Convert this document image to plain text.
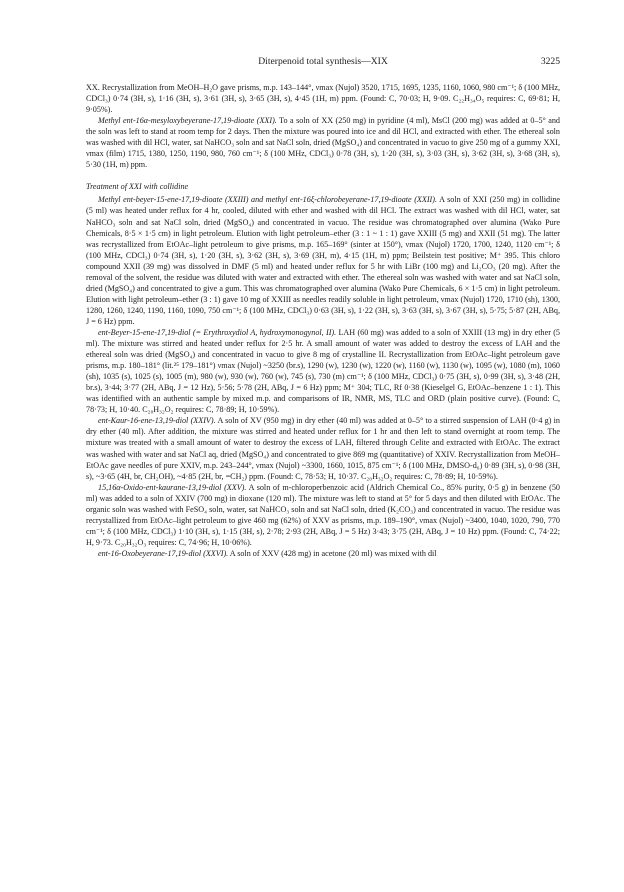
Diterpenoid total synthesis—XIX	3225

XX. Recrystallization from MeOH–H₂O gave prisms, m.p. 143–144°, νmax (Nujol) 3520, 1715, 1695, 1235, 1160, 1060, 980 cm⁻¹; δ (100 MHz, CDCl₃) 0·74 (3H, s), 1·16 (3H, s), 3·61 (3H, s), 3·65 (3H, s), 4·45 (1H, m) ppm. (Found: C, 70·03; H, 9·09. C₂₂H₃₄O₅ requires: C, 69·81; H, 9·05%).

Methyl ent-16α-mesyloxybeyerane-17,19-dioate (XXI). To a soln of XX (250 mg) in pyridine (4 ml), MsCl (200 mg) was added at 0–5° and the soln was left to stand at room temp for 2 days. Then the mixture was poured into ice and dil HCl, and extracted with ether. The ethereal soln was washed with dil HCl, water, sat NaHCO₃ soln and sat NaCl soln, dried (MgSO₄) and concentrated in vacuo to give 250 mg of a gummy XXI, νmax (film) 1715, 1380, 1250, 1190, 980, 760 cm⁻¹; δ (100 MHz, CDCl₃) 0·78 (3H, s), 1·20 (3H, s), 3·03 (3H, s), 3·62 (3H, s), 3·68 (3H, s), 5·30 (1H, m) ppm.

Treatment of XXI with collidine

Methyl ent-beyer-15-ene-17,19-dioate (XXIII) and methyl ent-16ξ-chlorobeyerane-17,19-dioate (XXII). A soln of XXI (250 mg) in collidine (5 ml) was heated under reflux for 4 hr, cooled, diluted with ether and washed with dil HCl. The extract was washed with dil HCl, water, sat NaHCO₃ soln and sat NaCl soln, dried (MgSO₄) and concentrated in vacuo. The residue was chromatographed over alumina (Wako Pure Chemicals, 8·5 × 1·5 cm) in light petroleum. Elution with light petroleum–ether (3 : 1 ~ 1 : 1) gave XXIII (5 mg) and XXII (51 mg). The latter was recrystallized from EtOAc–light petroleum to give prisms, m.p. 165–169° (sinter at 150°), νmax (Nujol) 1720, 1700, 1240, 1120 cm⁻¹; δ (100 MHz, CDCl₃) 0·74 (3H, s), 1·20 (3H, s), 3·62 (3H, s), 3·69 (3H, m), 4·15 (1H, m) ppm; Beilstein test positive; M⁺ 395. This chloro compound XXII (39 mg) was dissolved in DMF (5 ml) and heated under reflux for 5 hr with LiBr (100 mg) and Li₂CO₃ (20 mg). After the removal of the solvent, the residue was diluted with water and extracted with ether. The ethereal soln was washed with water and sat NaCl soln, dried (MgSO₄) and concentrated to give a gum. This was chromatographed over alumina (Wako Pure Chemicals, 6 × 1·5 cm) in light petroleum. Elution with light petroleum–ether (3 : 1) gave 10 mg of XXIII as needles readily soluble in light petroleum, νmax (Nujol) 1720, 1710 (sh), 1300, 1280, 1260, 1240, 1190, 1160, 1090, 750 cm⁻¹; δ (100 MHz, CDCl₃) 0·63 (3H, s), 1·22 (3H, s), 3·63 (3H, s), 3·67 (3H, s), 5·75; 5·87 (2H, ABq, J = 6 Hz) ppm.

ent-Beyer-15-ene-17,19-diol (= Erythroxydiol A, hydroxymonogynol, II). LAH (60 mg) was added to a soln of XXIII (13 mg) in dry ether (5 ml). The mixture was stirred and heated under reflux for 2·5 hr. A small amount of water was added to destroy the excess of LAH and the ethereal soln was dried (MgSO₄) and concentrated in vacuo to give 8 mg of crystalline II. Recrystallization from EtOAc–light petroleum gave prisms, m.p. 180–181° (lit.²⁵ 179–181°) νmax (Nujol) ~3250 (br.s), 1290 (w), 1230 (w), 1220 (w), 1160 (w), 1130 (w), 1095 (w), 1080 (m), 1060 (sh), 1035 (s), 1025 (s), 1005 (m), 980 (w), 930 (w), 760 (w), 745 (s), 730 (m) cm⁻¹; δ (100 MHz, CDCl₃) 0·75 (3H, s), 0·99 (3H, s), 3·48 (2H, br.s), 3·44; 3·77 (2H, ABq, J = 12 Hz), 5·56; 5·78 (2H, ABq, J = 6 Hz) ppm; M⁺ 304; TLC, Rf 0·38 (Kieselgel G, EtOAc–benzene 1 : 1). This was identified with an authentic sample by mixed m.p. and comparisons of IR, NMR, MS, TLC and ORD (plain positive curve). (Found: C, 78·73; H, 10·40. C₂₀H₃₂O₂ requires: C, 78·89; H, 10·59%).

ent-Kaur-16-ene-13,19-diol (XXIV). A soln of XV (950 mg) in dry ether (40 ml) was added at 0–5° to a stirred suspension of LAH (0·4 g) in dry ether (40 ml). After addition, the mixture was stirred and heated under reflux for 1 hr and then left to stand overnight at room temp. The mixture was treated with a small amount of water to destroy the excess of LAH, filtered through Celite and extracted with EtOAc. The extract was washed with water and sat NaCl aq, dried (MgSO₄) and concentrated to give 869 mg (quantitative) of XXIV. Recrystallization from MeOH–EtOAc gave needles of pure XXIV, m.p. 243–244°, νmax (Nujol) ~3300, 1660, 1015, 875 cm⁻¹; δ (100 MHz, DMSO-d₆) 0·89 (3H, s), 0·98 (3H, s), ~3·65 (4H, br, CH₂OH), ~4·85 (2H, br, =CH₂) ppm. (Found: C, 78·53; H, 10·37. C₂₀H₃₂O₂ requires: C, 78·89; H, 10·59%).

15,16α-Oxido-ent-kaurane-13,19-diol (XXV). A soln of m-chloroperbenzoic acid (Aldrich Chemical Co., 85% purity, 0·5 g) in benzene (50 ml) was added to a soln of XXIV (700 mg) in dioxane (120 ml). The mixture was left to stand at 5° for 5 days and then diluted with EtOAc. The organic soln was washed with FeSO₄ soln, water, sat NaHCO₃ soln and sat NaCl soln, dried (K₂CO₃) and concentrated in vacuo. The residue was recrystallized from EtOAc–light petroleum to give 460 mg (62%) of XXV as prisms, m.p. 189–190°, νmax (Nujol) ~3400, 1040, 1020, 790, 770 cm⁻¹; δ (100 MHz, CDCl₃) 1·10 (3H, s), 1·15 (3H, s), 2·78; 2·93 (2H, ABq, J = 5 Hz) 3·43; 3·75 (2H, ABq, J = 10 Hz) ppm. (Found: C, 74·22; H, 9·73. C₂₀H₃₂O₃ requires: C, 74·96; H, 10·06%).

ent-16-Oxobeyerane-17,19-diol (XXVI). A soln of XXV (428 mg) in acetone (20 ml) was mixed with dil
